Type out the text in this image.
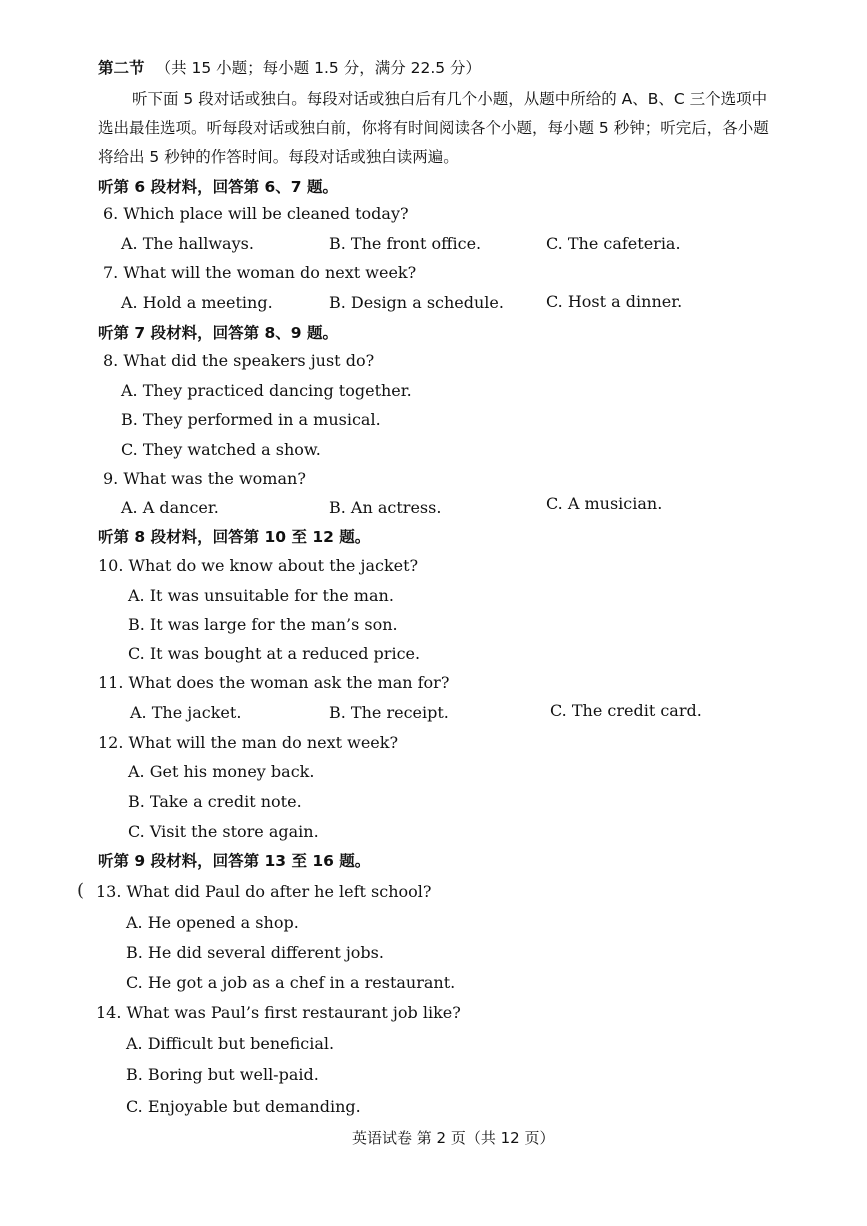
第二节 （共 15 小题；每小题 1.5 分，满分 22.5 分）
听下面 5 段对话或独白。每段对话或独白后有几个小题，从题中所给的 A、B、C 三个选项中
选出最佳选项。听每段对话或独白前，你将有时间阅读各个小题，每小题 5 秒钟；听完后，各小题
将给出 5 秒钟的作答时间。每段对话或独白读两遍。
听第 6 段材料，回答第 6、7 题。
6. Which place will be cleaned today?
A. The hallways.	B. The front office.	C. The cafeteria.
7. What will the woman do next week?
A. Hold a meeting.	B. Design a schedule.	C. Host a dinner.
听第 7 段材料，回答第 8、9 题。
8. What did the speakers just do?
A. They practiced dancing together.
B. They performed in a musical.
C. They watched a show.
9. What was the woman?
A. A dancer.	B. An actress.	C. A musician.
听第 8 段材料，回答第 10 至 12 题。
10. What do we know about the jacket?
A. It was unsuitable for the man.
B. It was large for the man’s son.
C. It was bought at a reduced price.
11. What does the woman ask the man for?
A. The jacket.	B. The receipt.	C. The credit card.
12. What will the man do next week?
A. Get his money back.
B. Take a credit note.
C. Visit the store again.
听第 9 段材料，回答第 13 至 16 题。
( 13. What did Paul do after he left school?
A. He opened a shop.
B. He did several different jobs.
C. He got a job as a chef in a restaurant.
14. What was Paul’s first restaurant job like?
A. Difficult but beneficial.
B. Boring but well-paid.
C. Enjoyable but demanding.
英语试卷 第 2 页（共 12 页）
